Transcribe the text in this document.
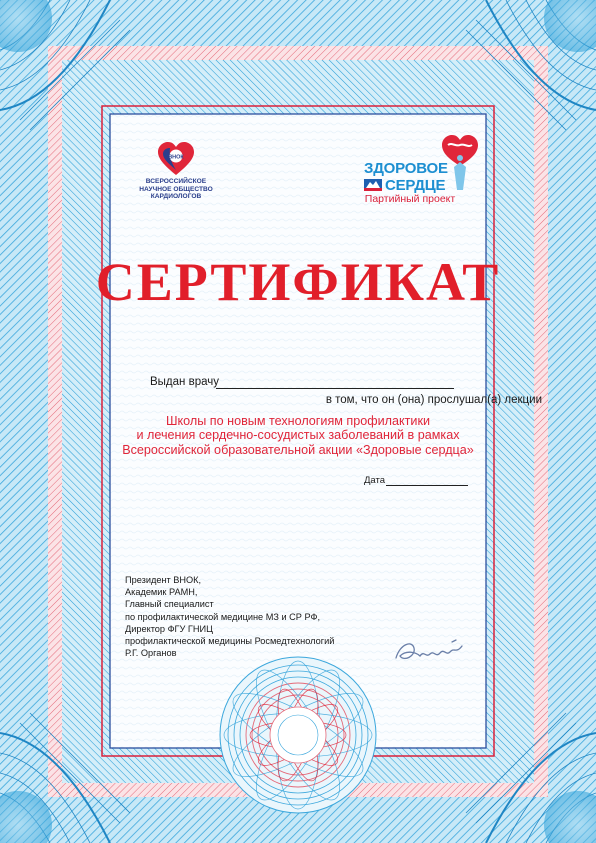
ВНОК
ВСЕРОССИЙСКОЕ
НАУЧНОЕ ОБЩЕСТВО
КАРДИОЛОГОВ
ЗДОРОВОЕ
СЕРДЦЕ
Партийный проект
СЕРТИФИКАТ
Выдан врачу
в том, что он (она) прослушал(а) лекции
Школы по новым технологиям профилактики
и лечения сердечно-сосудистых заболеваний в рамках
Всероссийской образовательной акции «Здоровые сердца»
Дата
Президент ВНОК,
Академик РАМН,
Главный специалист
по профилактической медицине МЗ и СР РФ,
Директор ФГУ ГНИЦ
профилактической медицины Росмедтехнологий
Р.Г. Органов
